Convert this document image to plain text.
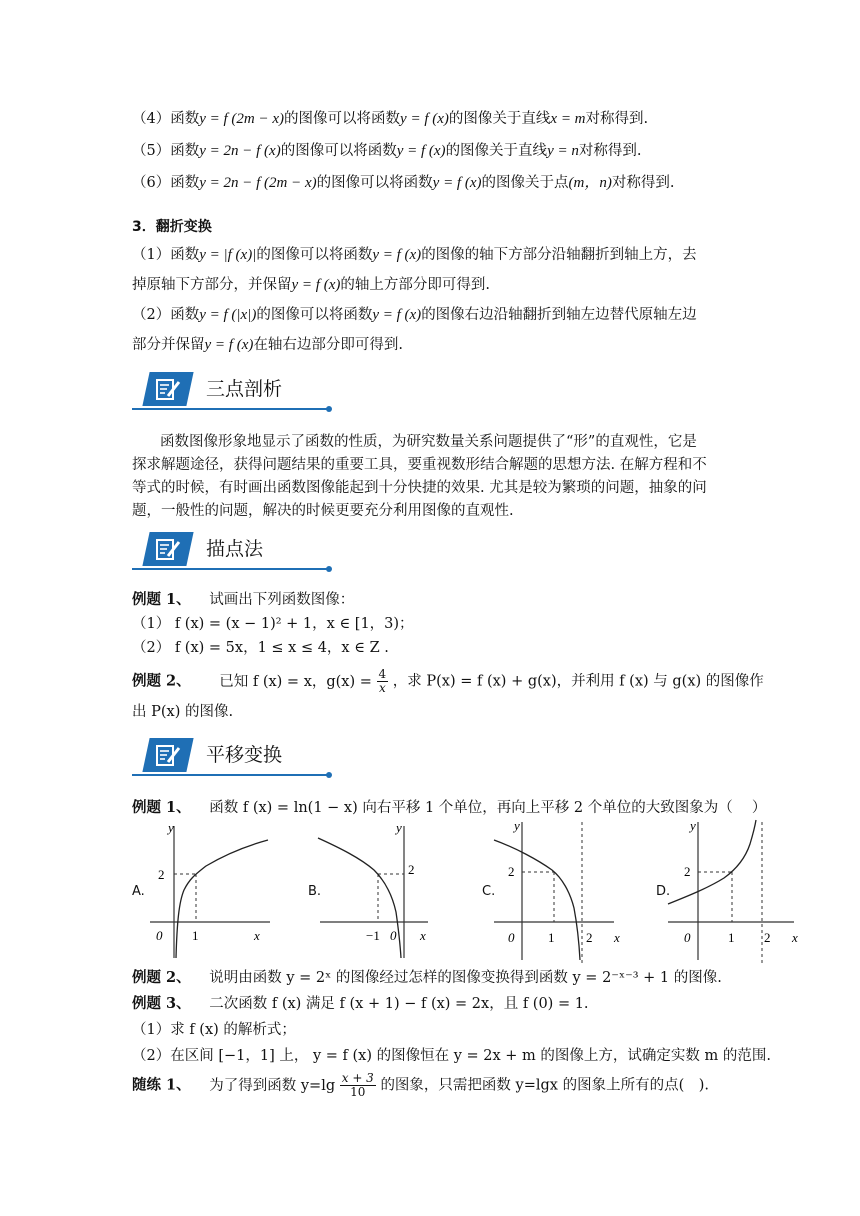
（4）函数y = f (2m − x)的图像可以将函数y = f (x)的图像关于直线x = m对称得到.
（5）函数y = 2n − f (x)的图像可以将函数y = f (x)的图像关于直线y = n对称得到.
（6）函数y = 2n − f (2m − x)的图像可以将函数y = f (x)的图像关于点(m，n)对称得到.
3．翻折变换
（1）函数y = |f (x)|的图像可以将函数y = f (x)的图像的轴下方部分沿轴翻折到轴上方，去
掉原轴下方部分，并保留y = f (x)的轴上方部分即可得到.
（2）函数y = f (|x|)的图像可以将函数y = f (x)的图像右边沿轴翻折到轴左边替代原轴左边
部分并保留y = f (x)在轴右边部分即可得到.
三点剖析
函数图像形象地显示了函数的性质，为研究数量关系问题提供了“形”的直观性，它是
探求解题途径，获得问题结果的重要工具，要重视数形结合解题的思想方法. 在解方程和不
等式的时候，有时画出函数图像能起到十分快捷的效果. 尤其是较为繁琐的问题，抽象的问
题，一般性的问题，解决的时候更要充分利用图像的直观性.
描点法
例题 1、 试画出下列函数图像：
（1） f (x) = (x − 1)² + 1，x ∈ [1，3)；
（2） f (x) = 5x，1 ≤ x ≤ 4，x ∈ Z .
例题 2、 已知 f (x) = x，$g(x) = \frac{4}{x}$ ，求 P(x) = f (x) + g(x)，并利用 f (x) 与 g(x) 的图像作
出 P(x) 的图像.
平移变换
例题 1、 函数 f (x) = ln(1 − x) 向右平移 1 个单位，再向上平移 2 个单位的大致图象为（　 ）
A.	B.	C.	D.
y
x
0 1
2
y
x
0
−1
2
y
x
0	1 2
2
y
x
0	1 2
2
例题 2、 说明由函数 y = 2ˣ 的图像经过怎样的图像变换得到函数 y = 2⁻ˣ⁻³ + 1 的图像.
例题 3、 二次函数 f (x) 满足 f (x + 1) − f (x) = 2x，且 f (0) = 1.
（1）求 f (x) 的解析式；
（2）在区间 [−1，1] 上， y = f (x) 的图像恒在 y = 2x + m 的图像上方，试确定实数 m 的范围.
随练 1、 为了得到函数 $y=\lg \frac{x + 3}{10}$ 的图象，只需把函数 y=lgx 的图象上所有的点(　).
